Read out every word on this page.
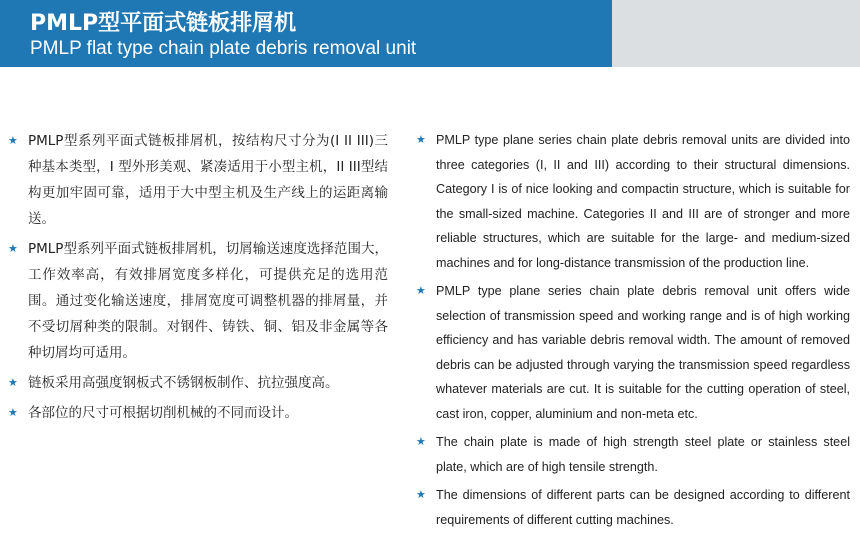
PMLP型平面式链板排屑机
PMLP flat type chain plate debris removal unit
★ PMLP型系列平面式链板排屑机，按结构尺寸分为(I II III)三种基本类型，I 型外形美观、紧凑适用于小型主机，II III型结构更加牢固可靠，适用于大中型主机及生产线上的运距离输送。
★ PMLP型系列平面式链板排屑机，切屑输送速度选择范围大，工作效率高，有效排屑宽度多样化，可提供充足的选用范围。通过变化输送速度，排屑宽度可调整机器的排屑量，并不受切屑种类的限制。对钢件、铸铁、铜、铝及非金属等各种切屑均可适用。
★ 链板采用高强度钢板式不锈钢板制作、抗拉强度高。
★ 各部位的尺寸可根据切削机械的不同而设计。
★ PMLP type plane series chain plate debris removal units are divided into three categories (I, II and III) according to their structural dimensions. Category I is of nice looking and compactin structure, which is suitable for the small-sized machine. Categories II and III are of stronger and more reliable structures, which are suitable for the large- and medium-sized machines and for long-distance transmission of the production line.
★ PMLP type plane series chain plate debris removal unit offers wide selection of transmission speed and working range and is of high working efficiency and has variable debris removal width. The amount of removed debris can be adjusted through varying the transmission speed regardless whatever materials are cut. It is suitable for the cutting operation of steel, cast iron, copper, aluminium and non-meta etc.
★ The chain plate is made of high strength steel plate or stainless steel plate, which are of high tensile strength.
★ The dimensions of different parts can be designed according to different requirements of different cutting machines.
